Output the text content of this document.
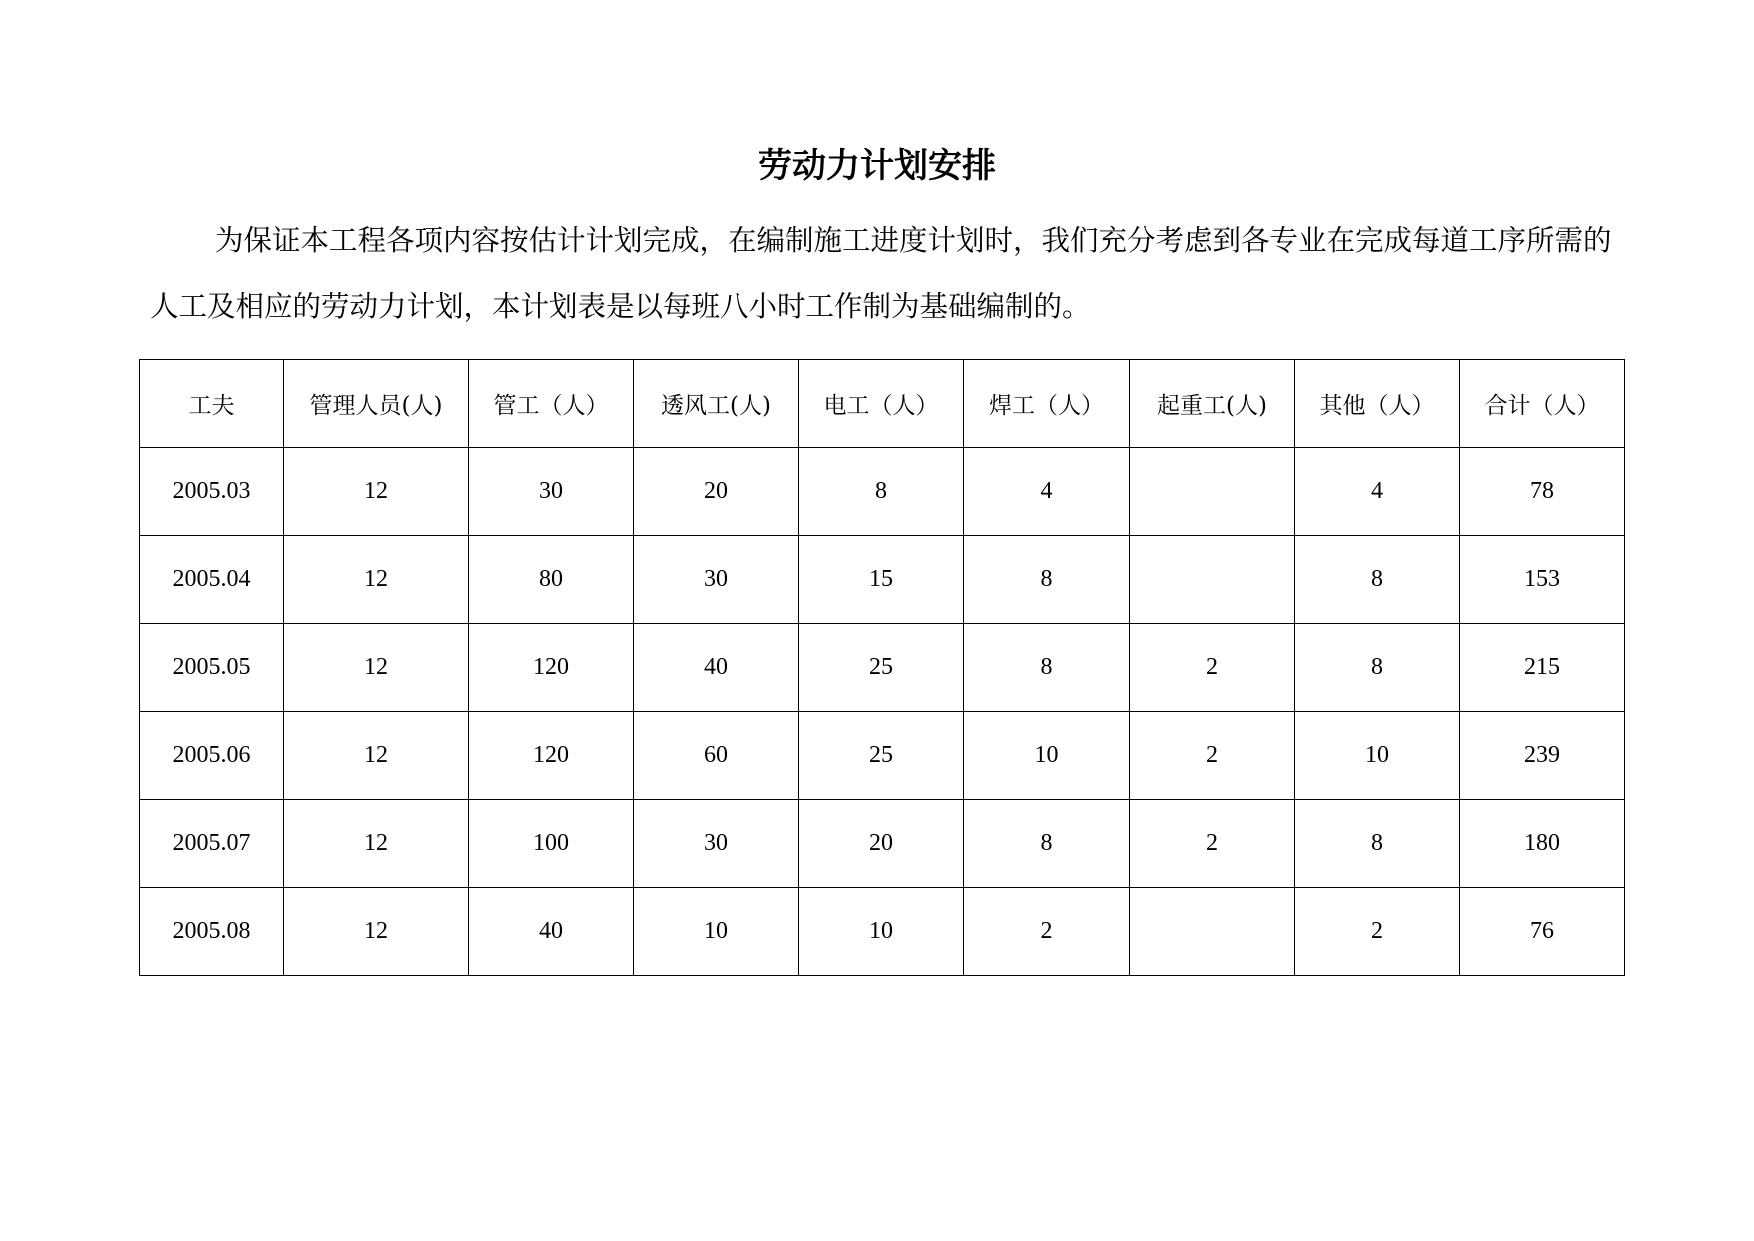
劳动力计划安排

为保证本工程各项内容按估计计划完成，在编制施工进度计划时，我们充分考虑到各专业在完成每道工序所需的人工及相应的劳动力计划，本计划表是以每班八小时工作制为基础编制的。

工夫	管理人员(人)	管工（人）	透风工(人)	电工（人）	焊工（人）	起重工(人)	其他（人）	合计（人）
2005.03	12	30	20	8	4		4	78
2005.04	12	80	30	15	8		8	153
2005.05	12	120	40	25	8	2	8	215
2005.06	12	120	60	25	10	2	10	239
2005.07	12	100	30	20	8	2	8	180
2005.08	12	40	10	10	2		2	76
